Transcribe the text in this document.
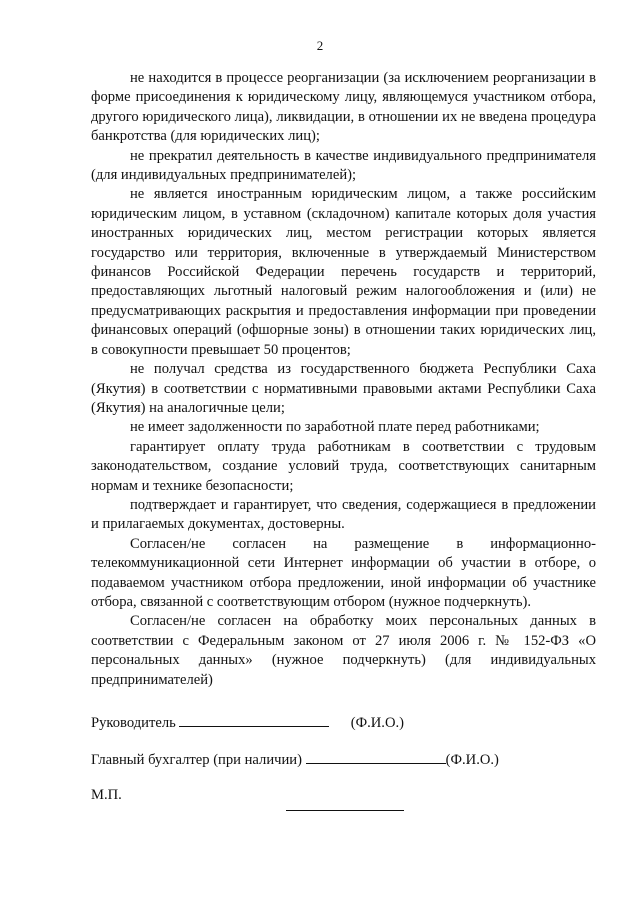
2

не находится в процессе реорганизации (за исключением реорганизации в форме присоединения к юридическому лицу, являющемуся участником отбора, другого юридического лица), ликвидации, в отношении их не введена процедура банкротства (для юридических лиц);

не прекратил деятельность в качестве индивидуального предпринимателя (для индивидуальных предпринимателей);

не является иностранным юридическим лицом, а также российским юридическим лицом, в уставном (складочном) капитале которых доля участия иностранных юридических лиц, местом регистрации которых является государство или территория, включенные в утверждаемый Министерством финансов Российской Федерации перечень государств и территорий, предоставляющих льготный налоговый режим налогообложения и (или) не предусматривающих раскрытия и предоставления информации при проведении финансовых операций (офшорные зоны) в отношении таких юридических лиц, в совокупности превышает 50 процентов;

не получал средства из государственного бюджета Республики Саха (Якутия) в соответствии с нормативными правовыми актами Республики Саха (Якутия) на аналогичные цели;

не имеет задолженности по заработной плате перед работниками;

гарантирует оплату труда работникам в соответствии с трудовым законодательством, создание условий труда, соответствующих санитарным нормам и технике безопасности;

подтверждает и гарантирует, что сведения, содержащиеся в предложении и прилагаемых документах, достоверны.

Согласен/не согласен на размещение в информационно-телекоммуникационной сети Интернет информации об участии в отборе, о подаваемом участником отбора предложении, иной информации об участнике отбора, связанной с соответствующим отбором (нужное подчеркнуть).

Согласен/не согласен на обработку моих персональных данных в соответствии с Федеральным законом от 27 июля 2006 г. № 152-ФЗ «О персональных данных» (нужное подчеркнуть) (для индивидуальных предпринимателей)

Руководитель	(Ф.И.О.)

Главный бухгалтер (при наличии)	(Ф.И.О.)

М.П.
